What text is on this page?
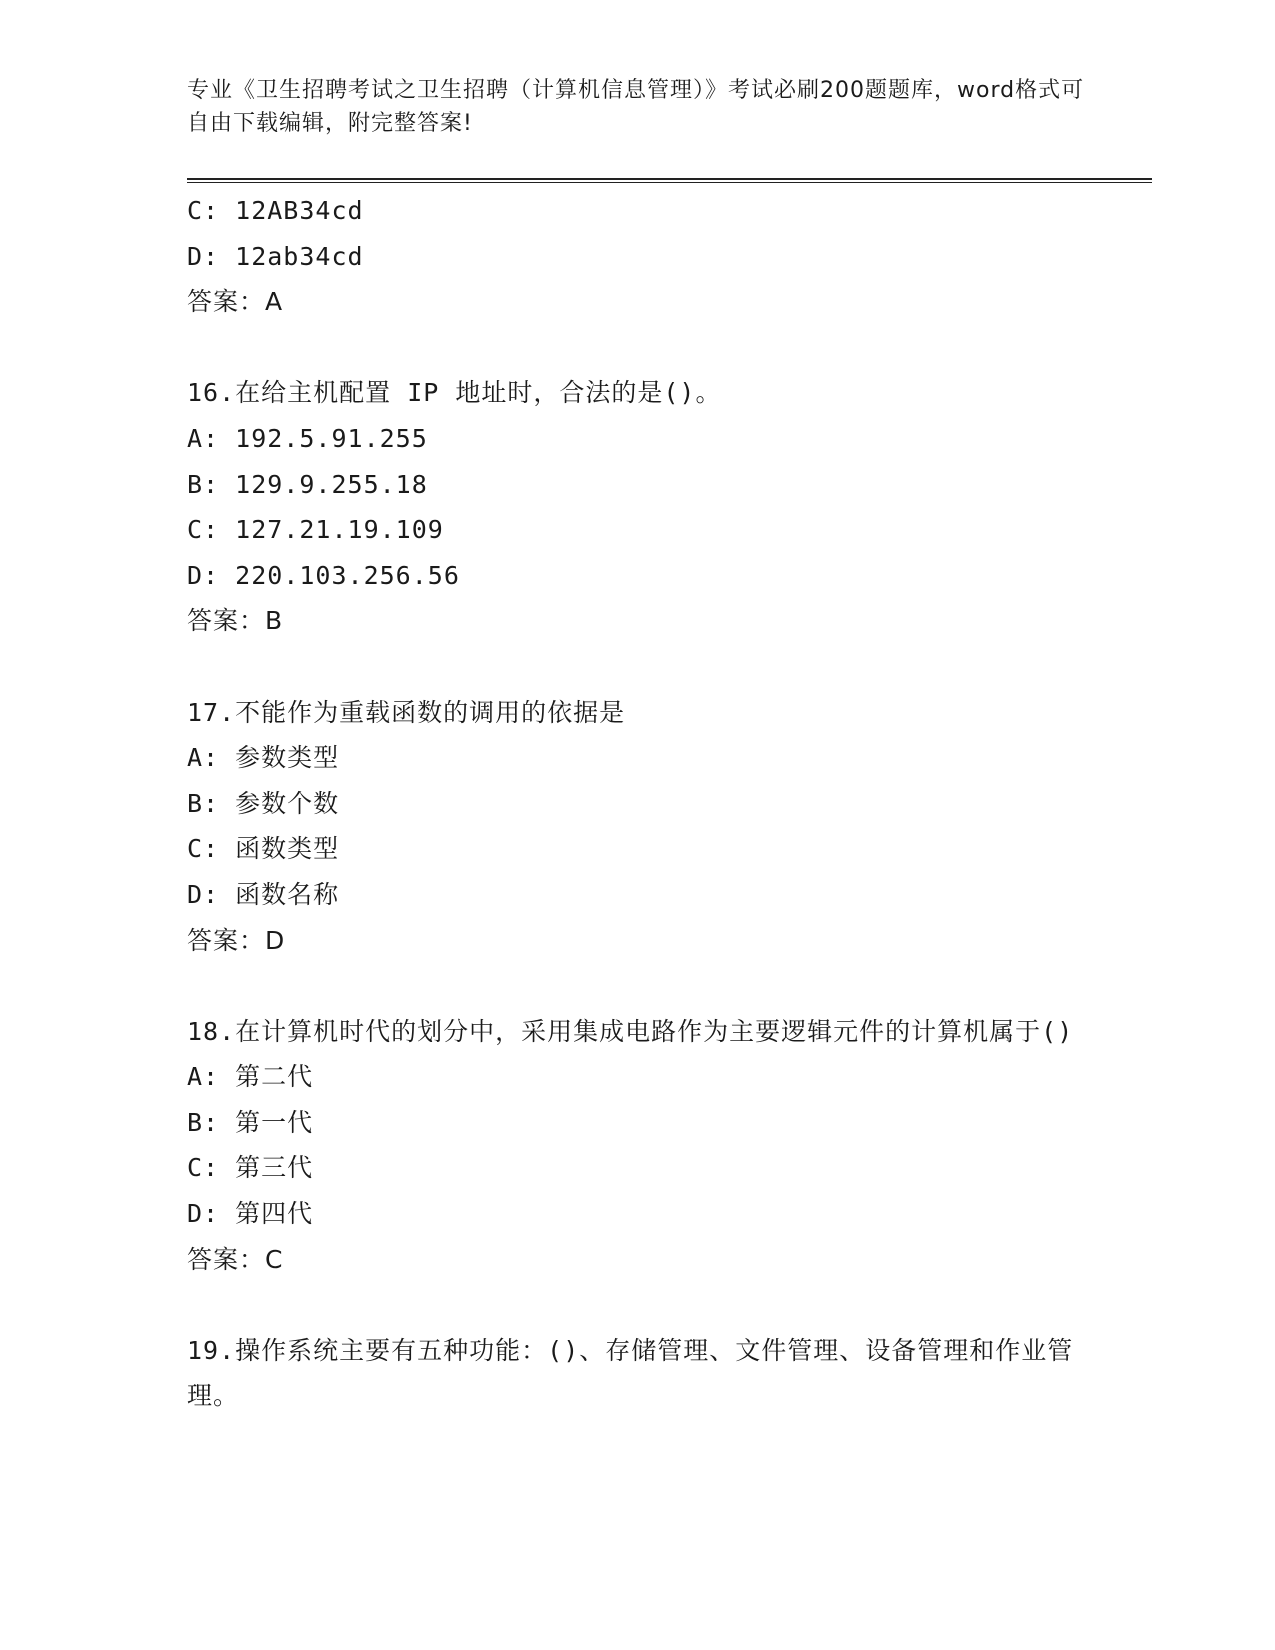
专业《卫生招聘考试之卫生招聘（计算机信息管理）》考试必刷200题题库，word格式可自由下载编辑，附完整答案!
C: 12AB34cd
D: 12ab34cd
答案：A
16.在给主机配置 IP 地址时，合法的是()。
A: 192.5.91.255
B: 129.9.255.18
C: 127.21.19.109
D: 220.103.256.56
答案：B
17.不能作为重载函数的调用的依据是
A: 参数类型
B: 参数个数
C: 函数类型
D: 函数名称
答案：D
18.在计算机时代的划分中，采用集成电路作为主要逻辑元件的计算机属于()
A: 第二代
B: 第一代
C: 第三代
D: 第四代
答案：C
19.操作系统主要有五种功能：()、存储管理、文件管理、设备管理和作业管理。
